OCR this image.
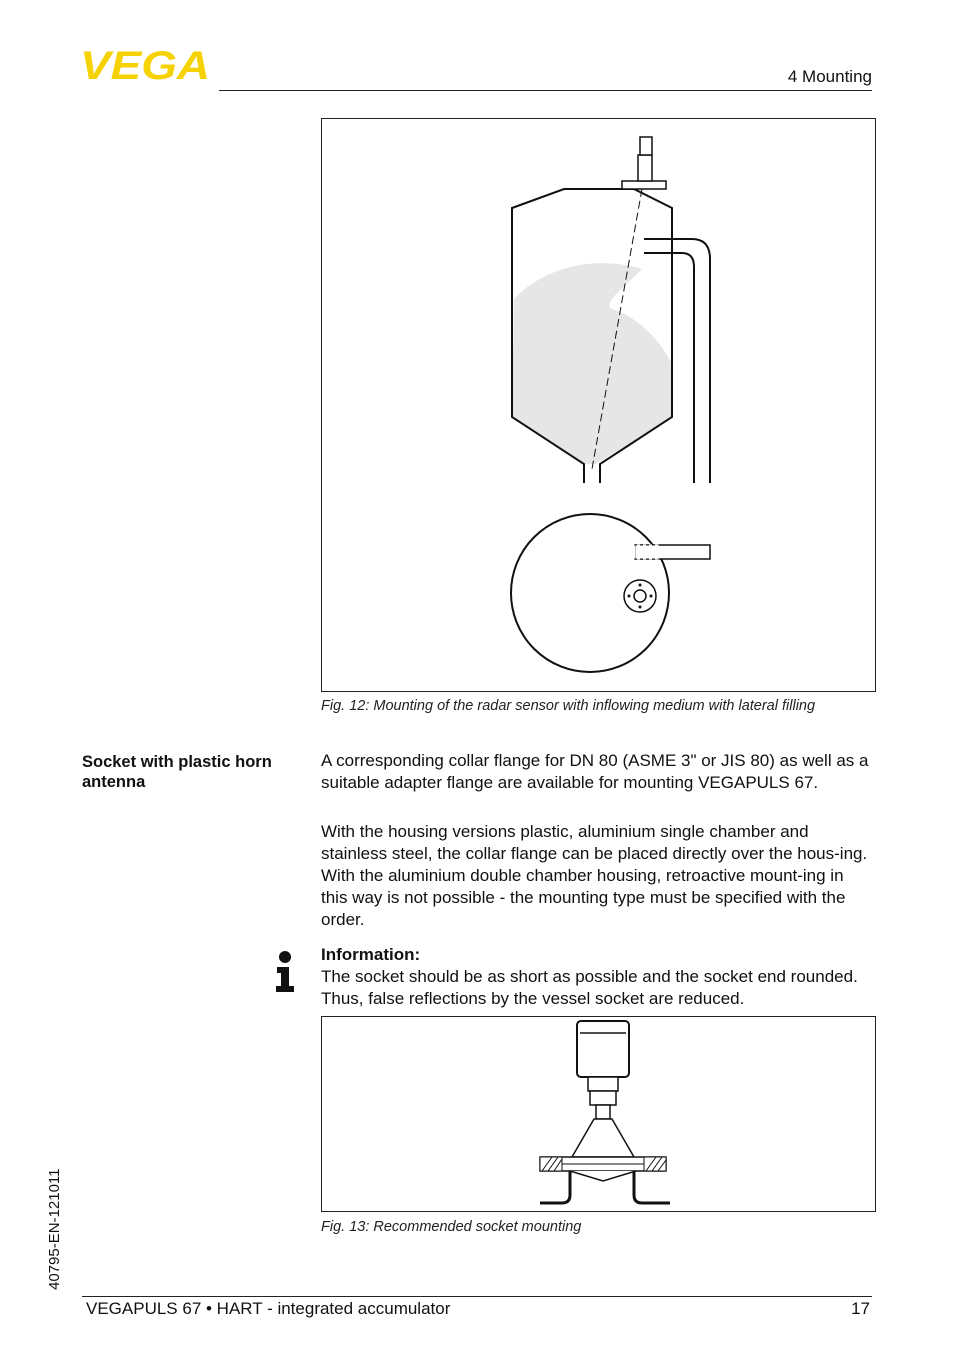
VEGA	4 Mounting
Fig. 12: Mounting of the radar sensor with inflowing medium with lateral filling
Socket with plastic horn antenna
A corresponding collar flange for DN 80 (ASME 3" or JIS 80) as well as a suitable adapter flange are available for mounting VEGAPULS 67.
With the housing versions plastic, aluminium single chamber and stainless steel, the collar flange can be placed directly over the hous-ing. With the aluminium double chamber housing, retroactive mount-ing in this way is not possible - the mounting type must be specified with the order.
Information:
The socket should be as short as possible and the socket end rounded. Thus, false reflections by the vessel socket are reduced.
Fig. 13: Recommended socket mounting
40795-EN-121011
VEGAPULS 67 • HART - integrated accumulator	17
